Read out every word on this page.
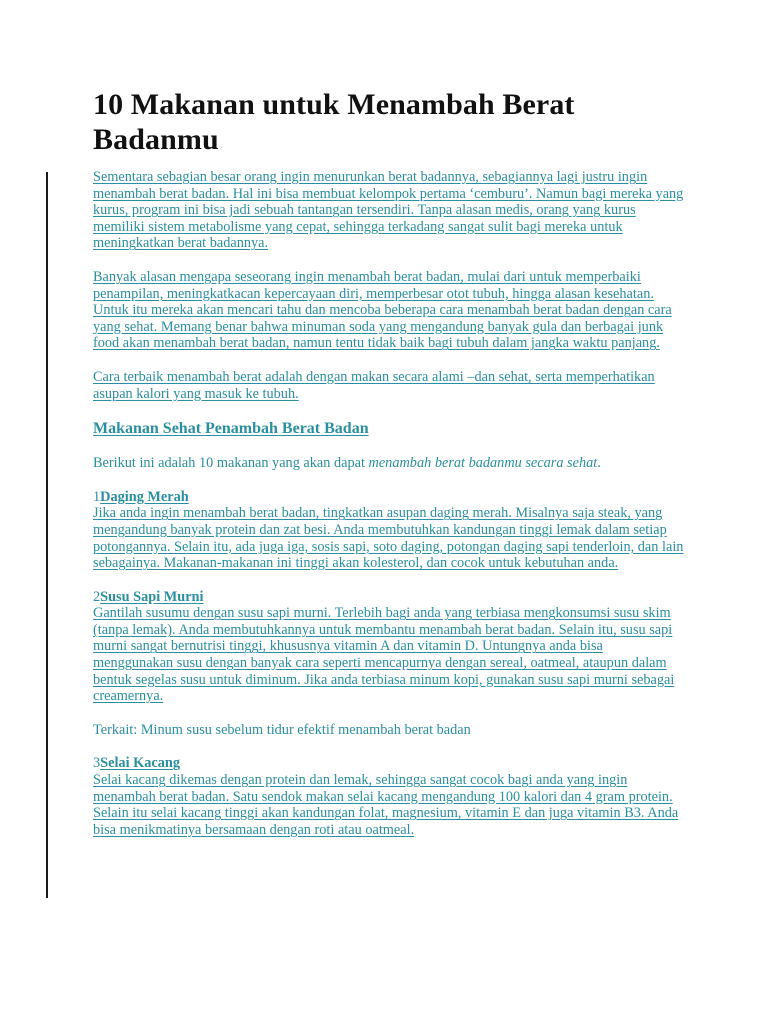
10 Makanan untuk Menambah Berat Badanmu

Sementara sebagian besar orang ingin menurunkan berat badannya, sebagiannya lagi justru ingin menambah berat badan. Hal ini bisa membuat kelompok pertama ‘cemburu’. Namun bagi mereka yang kurus, program ini bisa jadi sebuah tantangan tersendiri. Tanpa alasan medis, orang yang kurus memiliki sistem metabolisme yang cepat, sehingga terkadang sangat sulit bagi mereka untuk meningkatkan berat badannya.

Banyak alasan mengapa seseorang ingin menambah berat badan, mulai dari untuk memperbaiki penampilan, meningkatkacan kepercayaan diri, memperbesar otot tubuh, hingga alasan kesehatan. Untuk itu mereka akan mencari tahu dan mencoba beberapa cara menambah berat badan dengan cara yang sehat. Memang benar bahwa minuman soda yang mengandung banyak gula dan berbagai junk food akan menambah berat badan, namun tentu tidak baik bagi tubuh dalam jangka waktu panjang.

Cara terbaik menambah berat adalah dengan makan secara alami –dan sehat, serta memperhatikan asupan kalori yang masuk ke tubuh.

Makanan Sehat Penambah Berat Badan

Berikut ini adalah 10 makanan yang akan dapat menambah berat badanmu secara sehat.

1Daging Merah

Jika anda ingin menambah berat badan, tingkatkan asupan daging merah. Misalnya saja steak, yang mengandung banyak protein dan zat besi. Anda membutuhkan kandungan tinggi lemak dalam setiap potongannya. Selain itu, ada juga iga, sosis sapi, soto daging, potongan daging sapi tenderloin, dan lain sebagainya. Makanan-makanan ini tinggi akan kolesterol, dan cocok untuk kebutuhan anda.

2Susu Sapi Murni

Gantilah susumu dengan susu sapi murni. Terlebih bagi anda yang terbiasa mengkonsumsi susu skim (tanpa lemak). Anda membutuhkannya untuk membantu menambah berat badan. Selain itu, susu sapi murni sangat bernutrisi tinggi, khususnya vitamin A dan vitamin D. Untungnya anda bisa menggunakan susu dengan banyak cara seperti mencapurnya dengan sereal, oatmeal, ataupun dalam bentuk segelas susu untuk diminum. Jika anda terbiasa minum kopi, gunakan susu sapi murni sebagai creamernya.

Terkait: Minum susu sebelum tidur efektif menambah berat badan

3Selai Kacang

Selai kacang dikemas dengan protein dan lemak, sehingga sangat cocok bagi anda yang ingin menambah berat badan. Satu sendok makan selai kacang mengandung 100 kalori dan 4 gram protein. Selain itu selai kacang tinggi akan kandungan folat, magnesium, vitamin E dan juga vitamin B3. Anda bisa menikmatinya bersamaan dengan roti atau oatmeal.
